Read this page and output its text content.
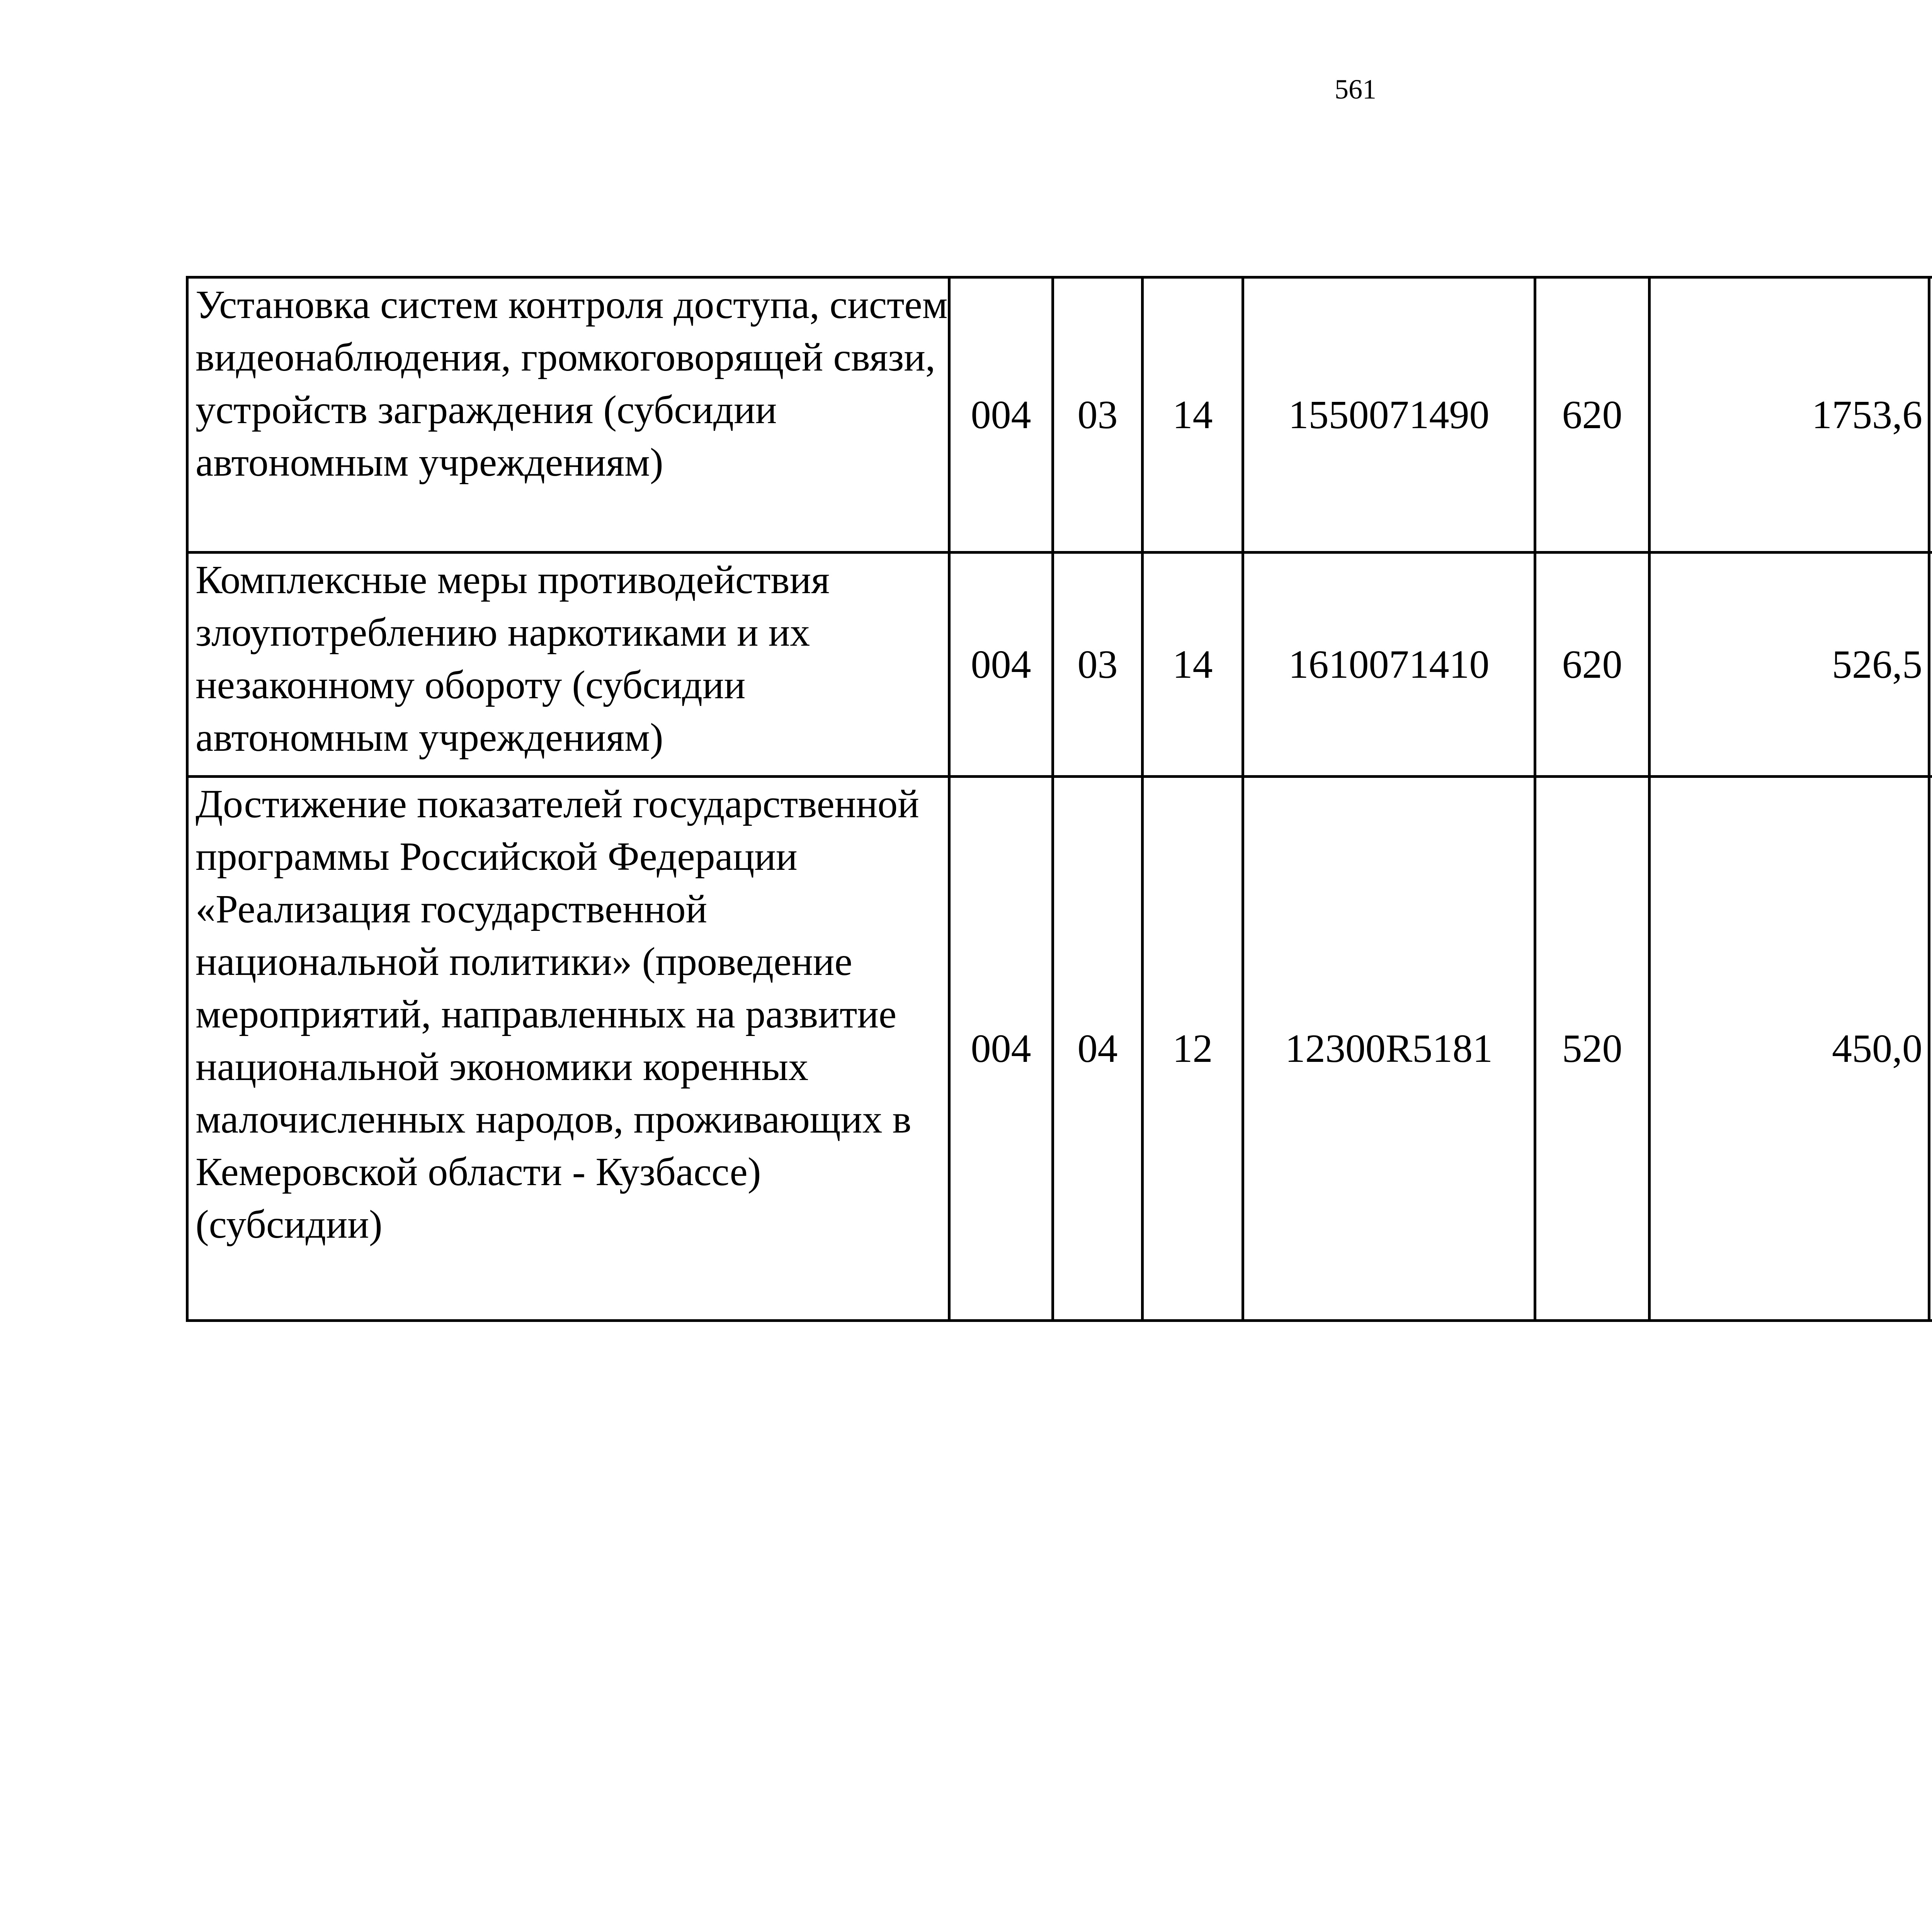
561
Установка систем контроля доступа, систем видеонаблюдения, громкоговорящей связи, устройств заграждения (субсидии автономным учреждениям)	004	03	14	1550071490	620	1753,6		
Комплексные меры противодействия злоупотреблению наркотиками и их незаконному обороту (субсидии автономным учреждениям)	004	03	14	1610071410	620	526,5		
Достижение показателей государственной программы Российской Федерации «Реализация государственной национальной политики» (проведение мероприятий, направленных на развитие национальной экономики коренных малочисленных народов, проживающих в Кемеровской области - Кузбассе) (субсидии)	004	04	12	12300R5181	520	450,0		
